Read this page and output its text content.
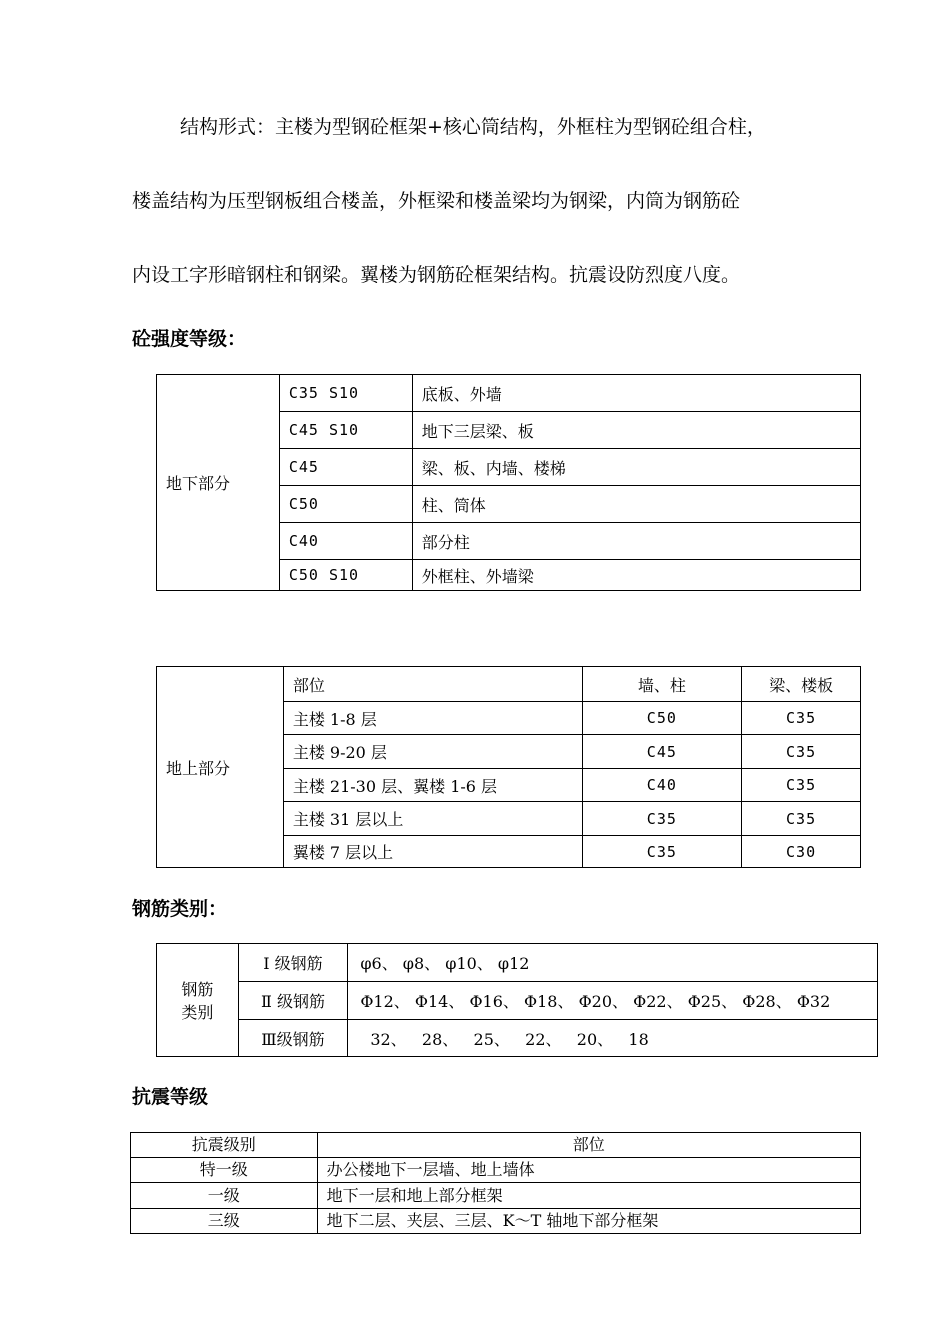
结构形式：主楼为型钢砼框架+核心筒结构，外框柱为型钢砼组合柱，
楼盖结构为压型钢板组合楼盖，外框梁和楼盖梁均为钢梁，内筒为钢筋砼
内设工字形暗钢柱和钢梁。翼楼为钢筋砼框架结构。抗震设防烈度八度。
砼强度等级：
地下部分	C35 S10	底板、外墙
	C45 S10	地下三层梁、板
	C45	梁、板、内墙、楼梯
	C50	柱、筒体
	C40	部分柱
	C50 S10	外框柱、外墙梁
地上部分	部位	墙、柱	梁、楼板
	主楼 1-8 层	C50	C35
	主楼 9-20 层	C45	C35
	主楼 21-30 层、翼楼 1-6 层	C40	C35
	主楼 31 层以上	C35	C35
	翼楼 7 层以上	C35	C30
钢筋类别：
钢筋
类别	Ⅰ 级钢筋	φ6、 φ8、 φ10、 φ12
	Ⅱ 级钢筋	Φ12、 Φ14、 Φ16、 Φ18、 Φ20、 Φ22、 Φ25、 Φ28、 Φ32
	Ⅲ级钢筋	32、   28、   25、   22、   20、   18
抗震等级
抗震级别	部位
特一级	办公楼地下一层墙、地上墙体
一级	地下一层和地上部分框架
三级	地下二层、夹层、三层、K～T 轴地下部分框架
